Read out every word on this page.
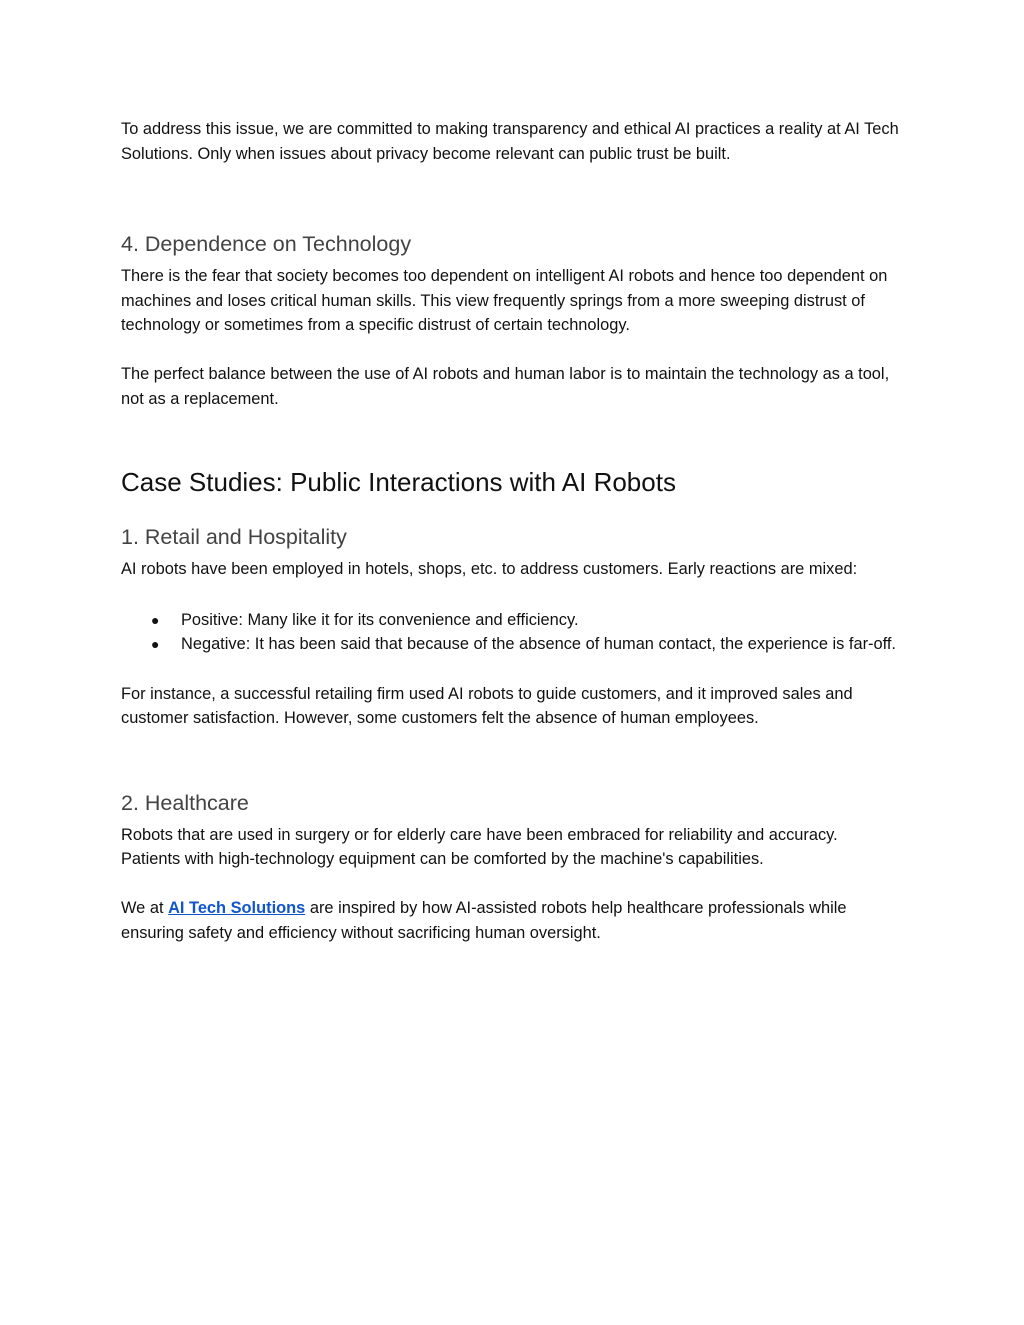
To address this issue, we are committed to making transparency and ethical AI practices a reality at AI Tech Solutions. Only when issues about privacy become relevant can public trust be built.

4. Dependence on Technology

There is the fear that society becomes too dependent on intelligent AI robots and hence too dependent on machines and loses critical human skills. This view frequently springs from a more sweeping distrust of technology or sometimes from a specific distrust of certain technology.

The perfect balance between the use of AI robots and human labor is to maintain the technology as a tool, not as a replacement.

Case Studies: Public Interactions with AI Robots
1. Retail and Hospitality

AI robots have been employed in hotels, shops, etc. to address customers. Early reactions are mixed:

● Positive: Many like it for its convenience and efficiency.
● Negative: It has been said that because of the absence of human contact, the experience is far-off.

For instance, a successful retailing firm used AI robots to guide customers, and it improved sales and customer satisfaction. However, some customers felt the absence of human employees.

2. Healthcare

Robots that are used in surgery or for elderly care have been embraced for reliability and accuracy. Patients with high-technology equipment can be comforted by the machine's capabilities.

We at AI Tech Solutions are inspired by how AI-assisted robots help healthcare professionals while ensuring safety and efficiency without sacrificing human oversight.
